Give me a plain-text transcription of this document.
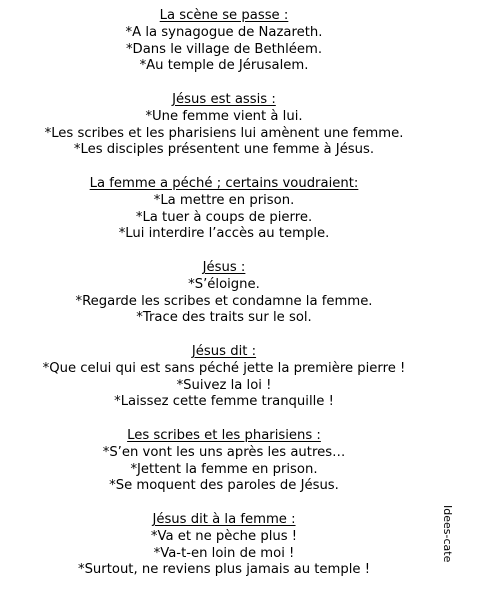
La scène se passe :
*A la synagogue de Nazareth.
*Dans le village de Bethléem.
*Au temple de Jérusalem.
Jésus est assis :
*Une femme vient à lui.
*Les scribes et les pharisiens lui amènent une femme.
*Les disciples présentent une femme à Jésus.
La femme a péché ; certains voudraient:
*La mettre en prison.
*La tuer à coups de pierre.
*Lui interdire l’accès au temple.
Jésus :
*S’éloigne.
*Regarde les scribes et condamne la femme.
*Trace des traits sur le sol.
Jésus dit :
*Que celui qui est sans péché jette la première pierre !
*Suivez la loi !
*Laissez cette femme tranquille !
Les scribes et les pharisiens :
*S’en vont les uns après les autres…
*Jettent la femme en prison.
*Se moquent des paroles de Jésus.
Jésus dit à la femme :
*Va et ne pèche plus !
*Va-t-en loin de moi !
*Surtout, ne reviens plus jamais au temple !
Idees-cate
